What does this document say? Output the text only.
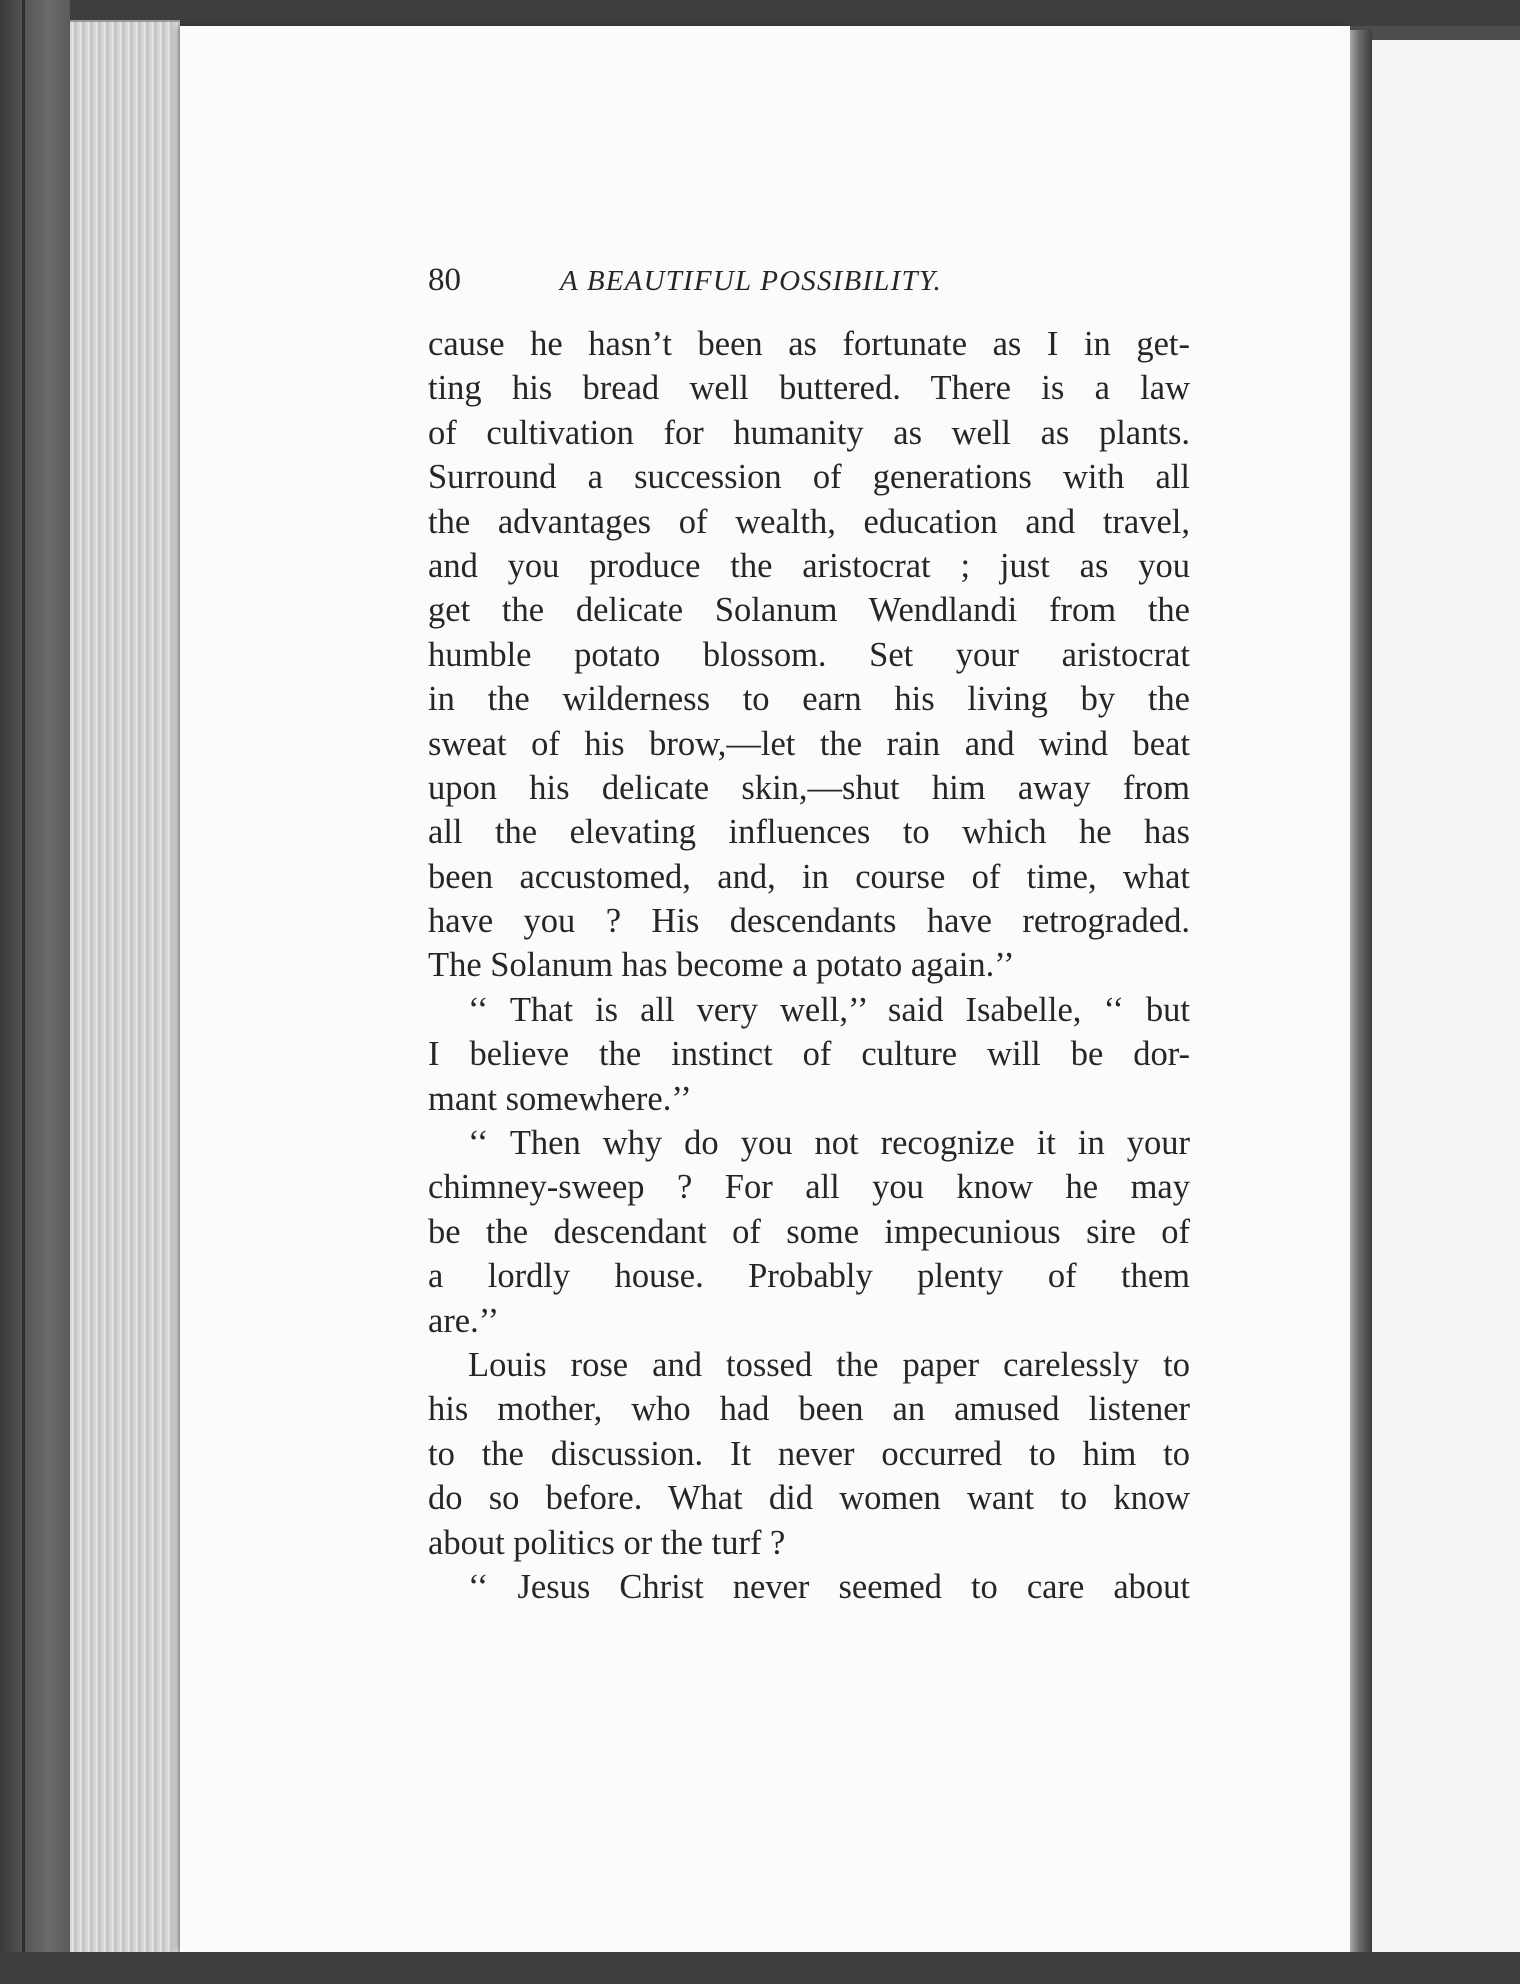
80	A BEAUTIFUL POSSIBILITY.
cause he hasn’t been as fortunate as I in get-
ting his bread well buttered. There is a law
of cultivation for humanity as well as plants.
Surround a succession of generations with all
the advantages of wealth, education and travel,
and you produce the aristocrat ; just as you
get the delicate Solanum Wendlandi from the
humble potato blossom. Set your aristocrat
in the wilderness to earn his living by the
sweat of his brow,—let the rain and wind beat
upon his delicate skin,—shut him away from
all the elevating influences to which he has
been accustomed, and, in course of time, what
have you ? His descendants have retrograded.
The Solanum has become a potato again.’’
‘‘ That is all very well,’’ said Isabelle, ‘‘ but
I believe the instinct of culture will be dor-
mant somewhere.’’
‘‘ Then why do you not recognize it in your
chimney-sweep ? For all you know he may
be the descendant of some impecunious sire of
a lordly house. Probably plenty of them
are.’’
Louis rose and tossed the paper carelessly to
his mother, who had been an amused listener
to the discussion. It never occurred to him to
do so before. What did women want to know
about politics or the turf ?
‘‘ Jesus Christ never seemed to care about
